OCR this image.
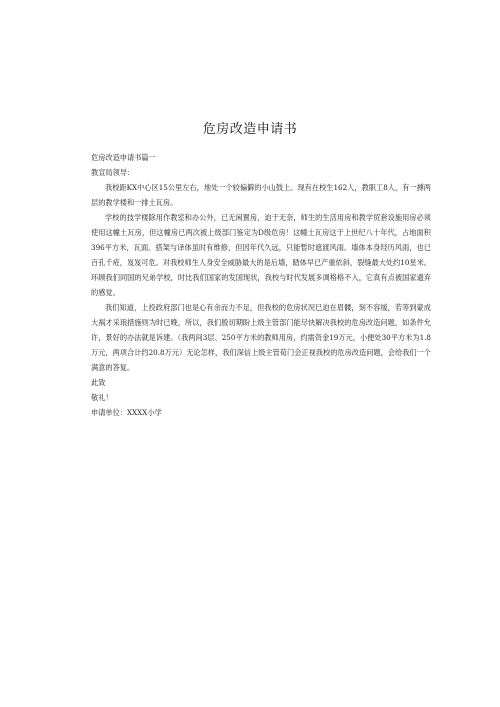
危房改造申请书

危房改造申请书篇一

教宣局领导：

我校距KX中心区15公里左右，地处一个较偏僻的小山鼓上。现有在校生162人，教职工8人，有一搏两层的教学楼和一排土瓦房。

学校的技学楼除用作教室和办公外，已无闲置房，迫于无奈，师生的生活用房和教学贸套设施用房必须使用这幢土瓦房，但这幢房已两次被上级部门鉴定为D级危房！这幢土瓦房这于上世纪八十年代，占地面积396平方米，瓦面、搭架与译体虽时有维修，但因年代久远，只能暂时遮渡风雨。墙体本身羟历风雨，也已百孔千疮，岌岌可危。对我校师生人身安全威胁最大的是后墙，踏体早已产重依斜，裂缝最大处约10星米。环顾我们同国的兄弟学校，时比我们国家的发国现状，我校与时代发展多调格格不入，它真有点被国家遗弃的感觉。

我们知道，上投政府部门也是心有余而力不足，但我校的危房状况巳迫在眉髅，刻不容缓，若等到蒙成大祸才采琅措施则为时已晚，所以，我们殷切期盼上级主管部门能尽快解决我校的危房改造问题，如条件允许，景好的办法就是诉建。（我两间3层、250平方米的教师用房，约需资金19万元，小便处30平方米为1.8万元，两项合计约20.8万元）无论怎样，我们深信上级主管荀门会正视我校的危房改造问题，会给我们一个满意的答复。

此致

敬礼！

申请单位：XXXX小学
